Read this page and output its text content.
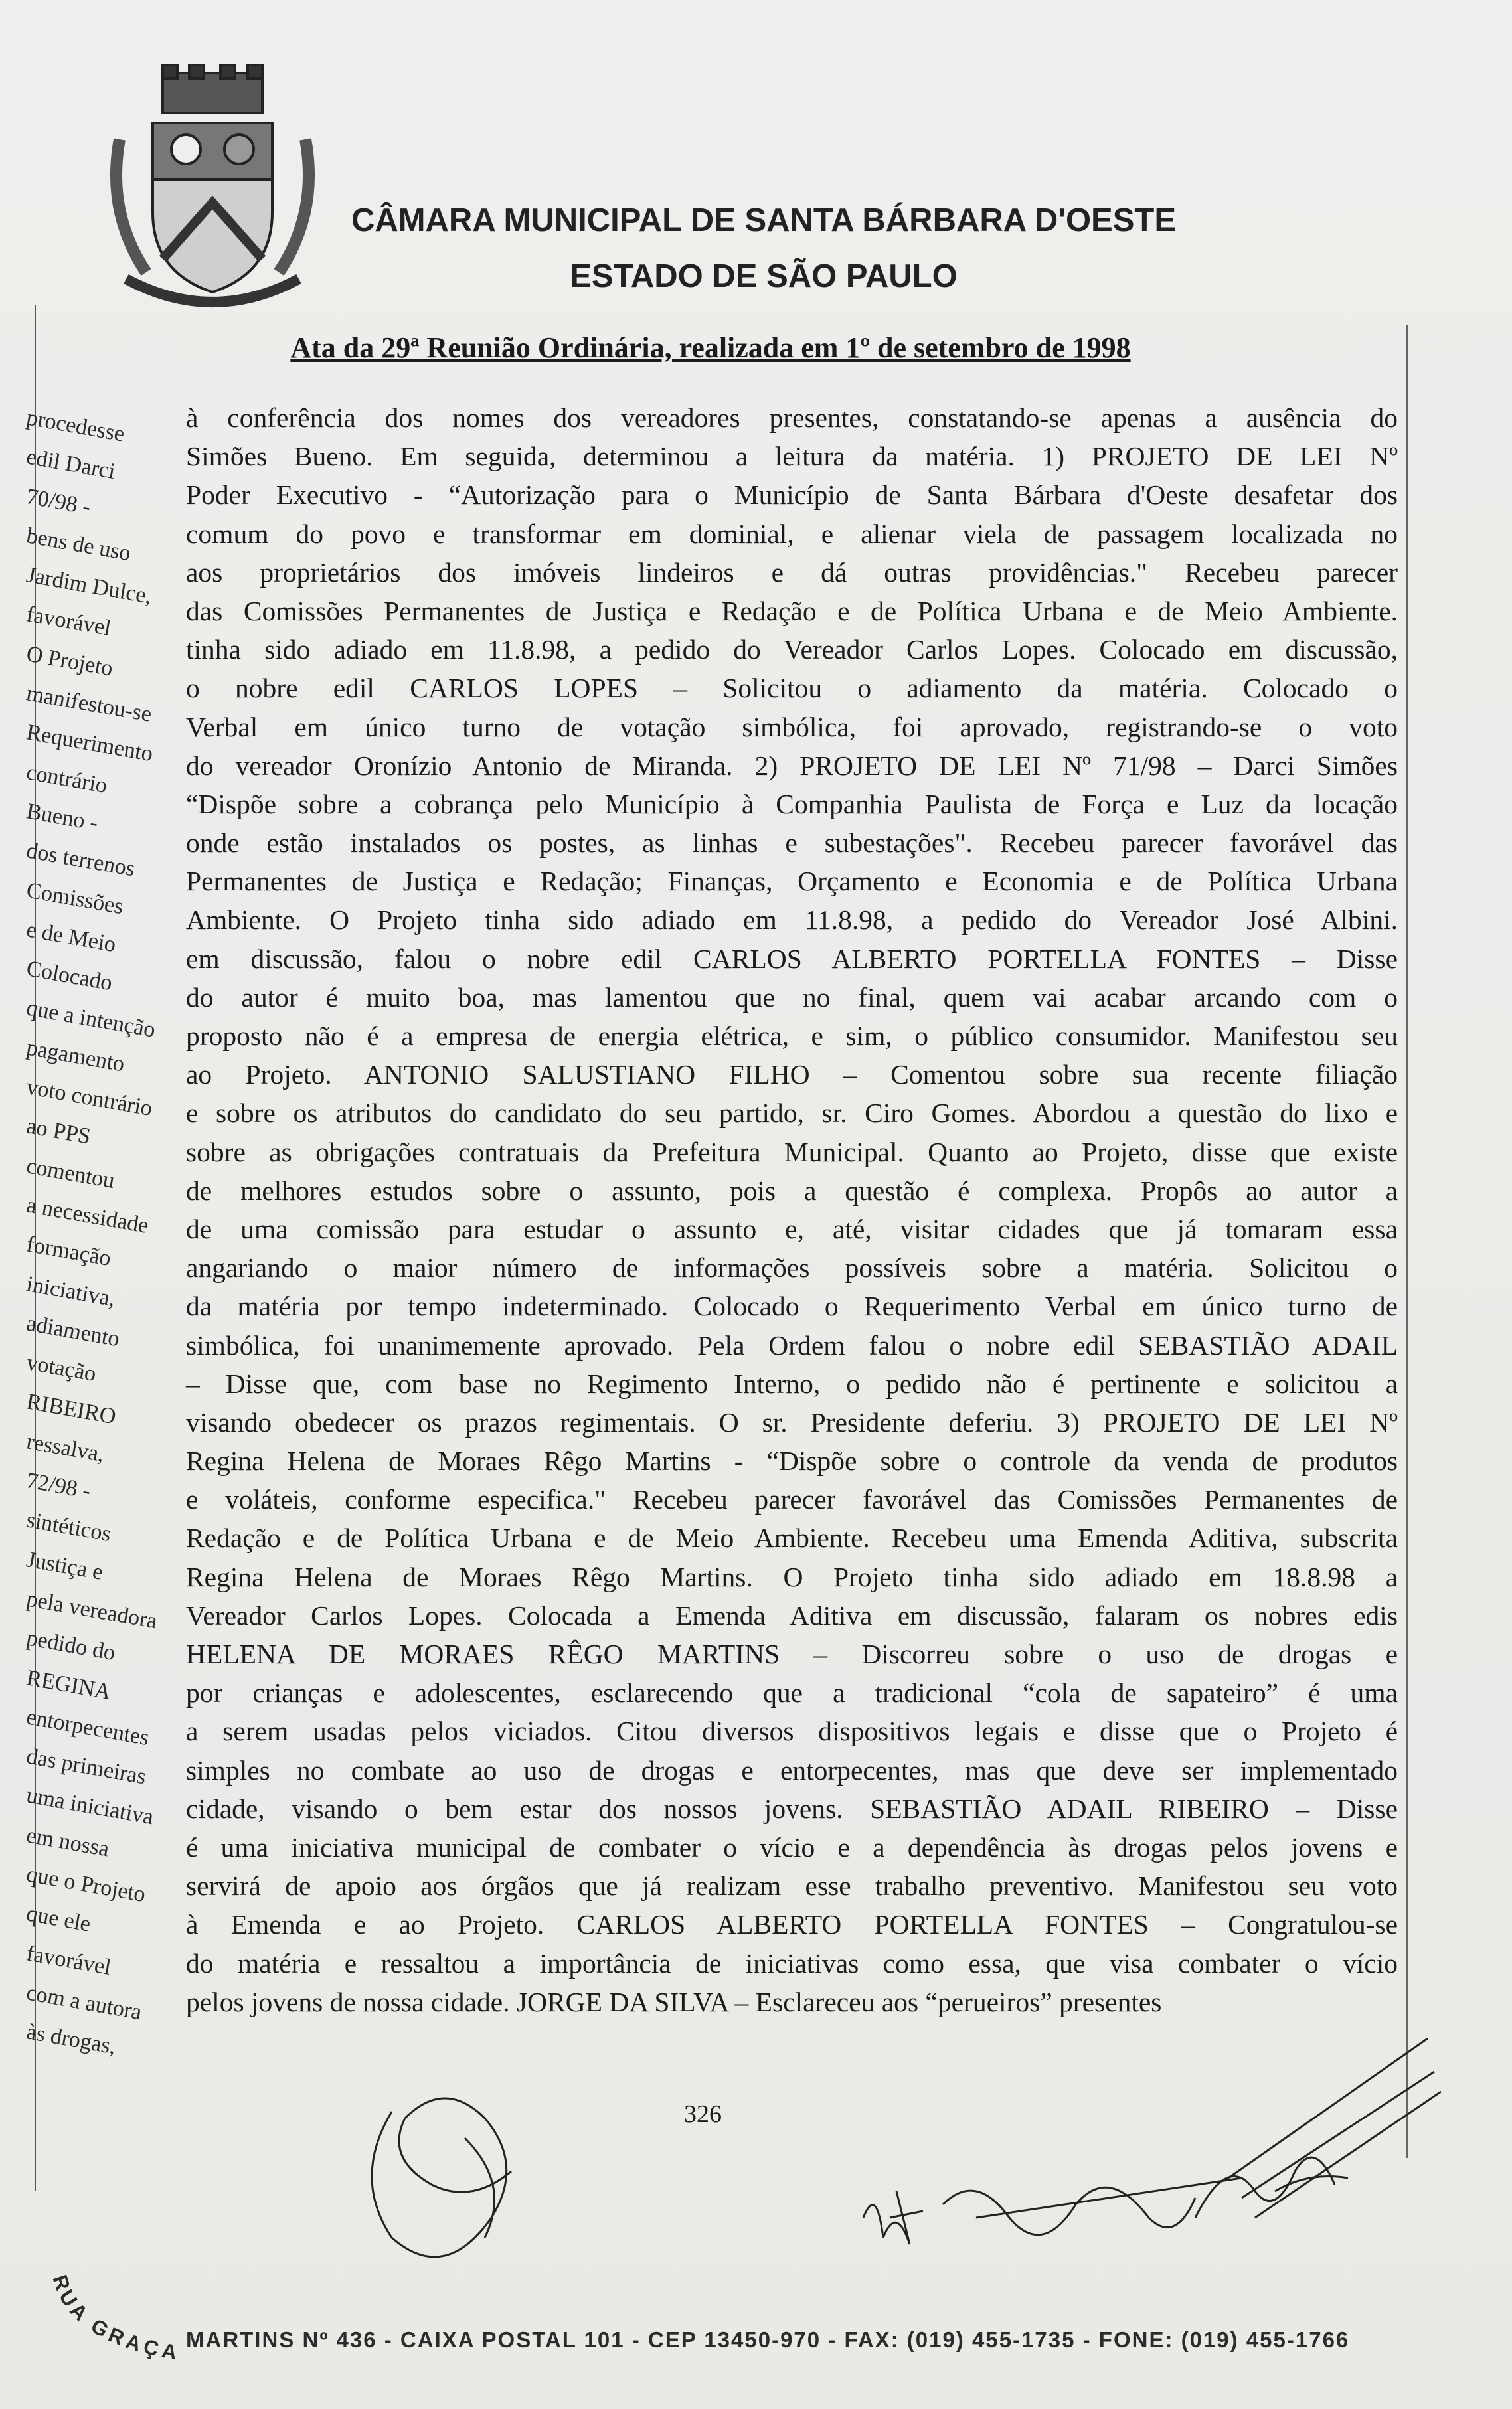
CÂMARA MUNICIPAL DE SANTA BÁRBARA D'OESTE
ESTADO DE SÃO PAULO
Ata da 29ª Reunião Ordinária, realizada em 1º de setembro de 1998
procedesse
edil Darci
70/98 -
bens de uso
Jardim Dulce,
favorável
O Projeto
manifestou-se
Requerimento
contrário
Bueno -
dos terrenos
Comissões
e de Meio
Colocado
que a intenção
pagamento
voto contrário
ao PPS
comentou
a necessidade
formação
iniciativa,
adiamento
votação
RIBEIRO
ressalva,
72/98 -
sintéticos
Justiça e
pela vereadora
pedido do
REGINA
entorpecentes
das primeiras
uma iniciativa
em nossa
que o Projeto
que ele
favorável
com a autora
às drogas,
à conferência dos nomes dos vereadores presentes, constatando-se apenas a ausência do
Simões Bueno. Em seguida, determinou a leitura da matéria. 1) PROJETO DE LEI Nº
Poder Executivo - “Autorização para o Município de Santa Bárbara d'Oeste desafetar dos
comum do povo e transformar em dominial, e alienar viela de passagem localizada no
aos proprietários dos imóveis lindeiros e dá outras providências." Recebeu parecer
das Comissões Permanentes de Justiça e Redação e de Política Urbana e de Meio Ambiente.
tinha sido adiado em 11.8.98, a pedido do Vereador Carlos Lopes. Colocado em discussão,
o nobre edil CARLOS LOPES – Solicitou o adiamento da matéria. Colocado o
Verbal em único turno de votação simbólica, foi aprovado, registrando-se o voto
do vereador Oronízio Antonio de Miranda. 2) PROJETO DE LEI Nº 71/98 – Darci Simões
“Dispõe sobre a cobrança pelo Município à Companhia Paulista de Força e Luz da locação
onde estão instalados os postes, as linhas e subestações". Recebeu parecer favorável das
Permanentes de Justiça e Redação; Finanças, Orçamento e Economia e de Política Urbana
Ambiente. O Projeto tinha sido adiado em 11.8.98, a pedido do Vereador José Albini.
em discussão, falou o nobre edil CARLOS ALBERTO PORTELLA FONTES – Disse
do autor é muito boa, mas lamentou que no final, quem vai acabar arcando com o
proposto não é a empresa de energia elétrica, e sim, o público consumidor. Manifestou seu
ao Projeto. ANTONIO SALUSTIANO FILHO – Comentou sobre sua recente filiação
e sobre os atributos do candidato do seu partido, sr. Ciro Gomes. Abordou a questão do lixo e
sobre as obrigações contratuais da Prefeitura Municipal. Quanto ao Projeto, disse que existe
de melhores estudos sobre o assunto, pois a questão é complexa. Propôs ao autor a
de uma comissão para estudar o assunto e, até, visitar cidades que já tomaram essa
angariando o maior número de informações possíveis sobre a matéria. Solicitou o
da matéria por tempo indeterminado. Colocado o Requerimento Verbal em único turno de
simbólica, foi unanimemente aprovado. Pela Ordem falou o nobre edil SEBASTIÃO ADAIL
– Disse que, com base no Regimento Interno, o pedido não é pertinente e solicitou a
visando obedecer os prazos regimentais. O sr. Presidente deferiu. 3) PROJETO DE LEI Nº
Regina Helena de Moraes Rêgo Martins - “Dispõe sobre o controle da venda de produtos
e voláteis, conforme especifica." Recebeu parecer favorável das Comissões Permanentes de
Redação e de Política Urbana e de Meio Ambiente. Recebeu uma Emenda Aditiva, subscrita
Regina Helena de Moraes Rêgo Martins. O Projeto tinha sido adiado em 18.8.98 a
Vereador Carlos Lopes. Colocada a Emenda Aditiva em discussão, falaram os nobres edis
HELENA DE MORAES RÊGO MARTINS – Discorreu sobre o uso de drogas e
por crianças e adolescentes, esclarecendo que a tradicional “cola de sapateiro” é uma
a serem usadas pelos viciados. Citou diversos dispositivos legais e disse que o Projeto é
simples no combate ao uso de drogas e entorpecentes, mas que deve ser implementado
cidade, visando o bem estar dos nossos jovens. SEBASTIÃO ADAIL RIBEIRO – Disse
é uma iniciativa municipal de combater o vício e a dependência às drogas pelos jovens e
servirá de apoio aos órgãos que já realizam esse trabalho preventivo. Manifestou seu voto
à Emenda e ao Projeto. CARLOS ALBERTO PORTELLA FONTES – Congratulou-se
do matéria e ressaltou a importância de iniciativas como essa, que visa combater o vício
pelos jovens de nossa cidade. JORGE DA SILVA – Esclareceu aos “perueiros” presentes
326
RUA GRAÇA MARTINS Nº 436 - CAIXA POSTAL 101 - CEP 13450-970 - FAX: (019) 455-1735 - FONE: (019) 455-1766
